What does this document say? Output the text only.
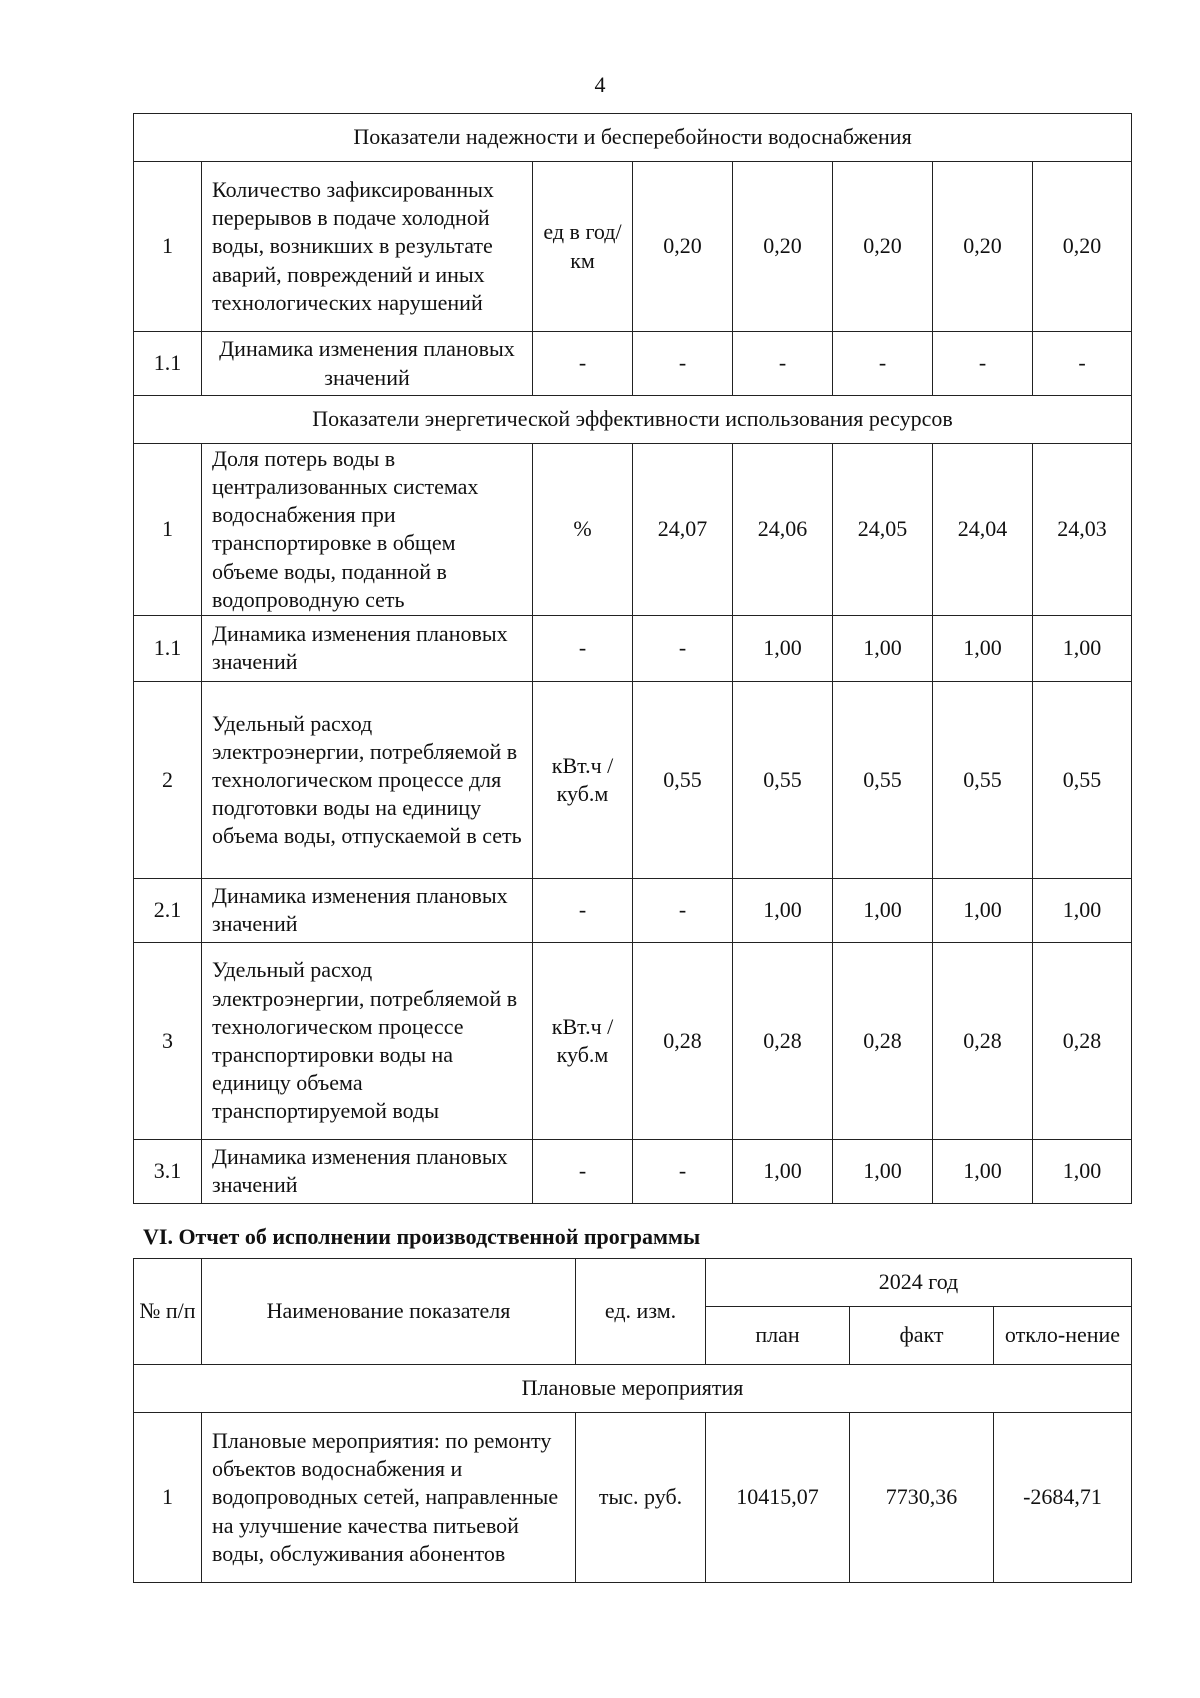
4
Показатели надежности и бесперебойности водоснабжения							
1	Количество зафиксированных перерывов в подаче холодной воды, возникших в результате аварий, повреждений и иных технологических нарушений	ед в год/ км	0,20	0,20	0,20	0,20	0,20
1.1	Динамика изменения плановых значений	-	-	-	-	-	-
Показатели энергетической эффективности использования ресурсов							
1	Доля потерь воды в централизованных системах водоснабжения при транспортировке в общем объеме воды, поданной в водопроводную сеть	%	24,07	24,06	24,05	24,04	24,03
1.1	Динамика изменения плановых значений	-	-	1,00	1,00	1,00	1,00
2	Удельный расход электроэнергии, потребляемой в технологическом процессе для подготовки воды на единицу объема воды, отпускаемой в сеть	кВт.ч / куб.м	0,55	0,55	0,55	0,55	0,55
2.1	Динамика изменения плановых значений	-	-	1,00	1,00	1,00	1,00
3	Удельный расход электроэнергии, потребляемой в технологическом процессе транспортировки воды на единицу объема транспортируемой воды	кВт.ч / куб.м	0,28	0,28	0,28	0,28	0,28
3.1	Динамика изменения плановых значений	-	-	1,00	1,00	1,00	1,00
VI. Отчет об исполнении производственной программы
№ п/п	Наименование показателя	ед. изм.	2024 год		
			план	факт	откло-нение
Плановые мероприятия					
1	Плановые мероприятия: по ремонту объектов водоснабжения и водопроводных сетей, направленные на улучшение качества питьевой воды, обслуживания абонентов	тыс. руб.	10415,07	7730,36	-2684,71
